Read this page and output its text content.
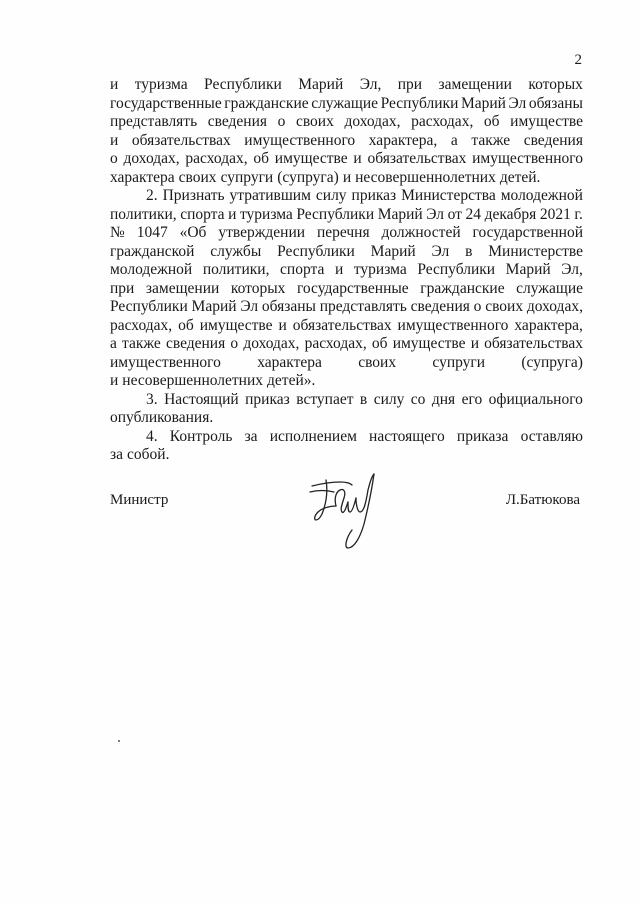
2
и туризма Республики Марий Эл, при замещении которых
государственные гражданские служащие Республики Марий Эл обязаны
представлять сведения о своих доходах, расходах, об имуществе
и обязательствах имущественного характера, а также сведения
о доходах, расходах, об имуществе и обязательствах имущественного
характера своих супруги (супруга) и несовершеннолетних детей.
2. Признать утратившим силу приказ Министерства молодежной
политики, спорта и туризма Республики Марий Эл от 24 декабря 2021 г.
№ 1047 «Об утверждении перечня должностей государственной
гражданской службы Республики Марий Эл в Министерстве
молодежной политики, спорта и туризма Республики Марий Эл,
при замещении которых государственные гражданские служащие
Республики Марий Эл обязаны представлять сведения о своих доходах,
расходах, об имуществе и обязательствах имущественного характера,
а также сведения о доходах, расходах, об имуществе и обязательствах
имущественного характера своих супруги (супруга)
и несовершеннолетних детей».
3. Настоящий приказ вступает в силу со дня его официального
опубликования.
4. Контроль за исполнением настоящего приказа оставляю
за собой.
Министр	Л.Батюкова
